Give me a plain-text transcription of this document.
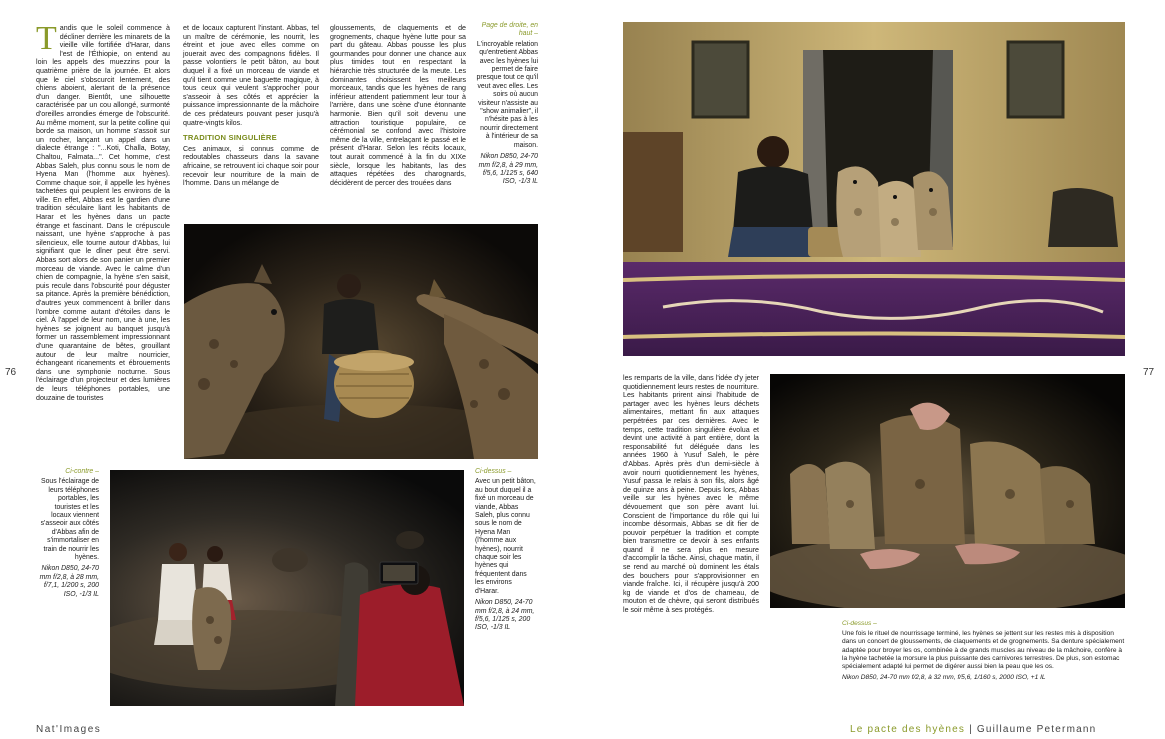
T andis que le soleil commence à décliner derrière les minarets de la vieille ville fortifiée d'Harar, dans l'est de l'Éthiopie, on entend au loin les appels des muezzins pour la quatrième prière de la journée. Et alors que le ciel s'obscurcit lentement, des chiens aboient, alertant de la présence d'un danger. Bientôt, une silhouette caractérisée par un cou allongé, surmonté d'oreilles arrondies émerge de l'obscurité. Au même moment, sur la petite colline qui borde sa maison, un homme s'assoit sur un rocher, lançant un appel dans un dialecte étrange : "...Koti, Challa, Botay, Chaltou, Falmata...". Cet homme, c'est Abbas Saleh, plus connu sous le nom de Hyena Man (l'homme aux hyènes). Comme chaque soir, il appelle les hyènes tachetées qui peuplent les environs de la ville. En effet, Abbas est le gardien d'une tradition séculaire liant les habitants de Harar et les hyènes dans un pacte étrange et fascinant. Dans le crépuscule naissant, une hyène s'approche à pas silencieux, elle tourne autour d'Abbas, lui signifiant que le dîner peut être servi. Abbas sort alors de son panier un premier morceau de viande. Avec le calme d'un chien de compagnie, la hyène s'en saisit, puis recule dans l'obscurité pour déguster sa pitance. Après la première bénédiction, d'autres yeux commencent à briller dans l'ombre comme autant d'étoiles dans le ciel. À l'appel de leur nom, une à une, les hyènes se joignent au banquet jusqu'à former un rassemblement impressionnant d'une quarantaine de bêtes, grouillant autour de leur maître nourricier, échangeant ricanements et ébrouements dans une symphonie nocturne. Sous l'éclairage d'un projecteur et des lumières de leurs téléphones portables, une douzaine de touristes

et de locaux capturent l'instant. Abbas, tel un maître de cérémonie, les nourrit, les étreint et joue avec elles comme on jouerait avec des compagnons fidèles. Il passe volontiers le petit bâton, au bout duquel il a fixé un morceau de viande et qu'il tient comme une baguette magique, à tous ceux qui veulent s'approcher pour s'asseoir à ses côtés et apprécier la puissance impressionnante de la mâchoire de ces prédateurs pouvant peser jusqu'à quatre-vingts kilos.

TRADITION SINGULIÈRE

Ces animaux, si connus comme de redoutables chasseurs dans la savane africaine, se retrouvent ici chaque soir pour recevoir leur nourriture de la main de l'homme. Dans un mélange de

gloussements, de claquements et de grognements, chaque hyène lutte pour sa part du gâteau. Abbas pousse les plus gourmandes pour donner une chance aux plus timides tout en respectant la hiérarchie très structurée de la meute. Les dominantes choisissent les meilleurs morceaux, tandis que les hyènes de rang inférieur attendent patiemment leur tour à l'arrière, dans une scène d'une étonnante harmonie. Bien qu'il soit devenu une attraction touristique populaire, ce cérémonial se confond avec l'histoire même de la ville, entrelaçant le passé et le présent d'Harar. Selon les récits locaux, tout aurait commencé à la fin du XIXe siècle, lorsque les habitants, las des attaques répétées des charognards, décidèrent de percer des trouées dans

Page de droite, en haut –
L'incroyable relation qu'entretient Abbas avec les hyènes lui permet de faire presque tout ce qu'il veut avec elles. Les soirs où aucun visiteur n'assiste au "show animalier", il n'hésite pas à les nourrir directement à l'intérieur de sa maison.
Nikon D850, 24-70 mm f/2,8, à 29 mm, f/5,6, 1/125 s, 640 ISO, -1/3 IL
Ci-contre –
Sous l'éclairage de leurs téléphones portables, les touristes et les locaux viennent s'asseoir aux côtés d'Abbas afin de s'immortaliser en train de nourrir les hyènes.
Nikon D850, 24-70 mm f/2,8, à 28 mm, f/7,1, 1/200 s, 200 ISO, -1/3 IL
Ci-dessus –
Avec un petit bâton, au bout duquel il a fixé un morceau de viande, Abbas Saleh, plus connu sous le nom de Hyena Man (l'homme aux hyènes), nourrit chaque soir les hyènes qui fréquentent dans les environs d'Harar.
Nikon D850, 24-70 mm f/2,8, à 24 mm, f/5,6, 1/125 s, 200 ISO, -1/3 IL
76	77
Nat'Images

les remparts de la ville, dans l'idée d'y jeter quotidiennement leurs restes de nourriture. Les habitants prirent ainsi l'habitude de partager avec les hyènes leurs déchets alimentaires, mettant fin aux attaques perpétrées par ces dernières. Avec le temps, cette tradition singulière évolua et devint une activité à part entière, dont la responsabilité fut déléguée dans les années 1960 à Yusuf Saleh, le père d'Abbas. Après près d'un demi-siècle à avoir nourri quotidiennement les hyènes, Yusuf passa le relais à son fils, alors âgé de quinze ans à peine. Depuis lors, Abbas veille sur les hyènes avec le même dévouement que son père avant lui. Conscient de l'importance du rôle qui lui incombe désormais, Abbas se dit fier de pouvoir perpétuer la tradition et compte bien transmettre ce devoir à ses enfants quand il ne sera plus en mesure d'accomplir la tâche. Ainsi, chaque matin, il se rend au marché où dominent les étals des bouchers pour s'approvisionner en viande fraîche. Ici, il récupère jusqu'à 200 kg de viande et d'os de chameau, de mouton et de chèvre, qui seront distribués le soir même à ses protégés.

Ci-dessus –
Une fois le rituel de nourrissage terminé, les hyènes se jettent sur les restes mis à disposition dans un concert de gloussements, de claquements et de grognements. Sa denture spécialement adaptée pour broyer les os, combinée à de grands muscles au niveau de la mâchoire, confère à la hyène tachetée la morsure la plus puissante des carnivores terrestres. De plus, son estomac spécialement adapté lui permet de digérer aussi bien la peau que les os.
Nikon D850, 24-70 mm f/2,8, à 32 mm, f/5,6, 1/160 s, 2000 ISO, +1 IL
Le pacte des hyènes | Guillaume Petermann
